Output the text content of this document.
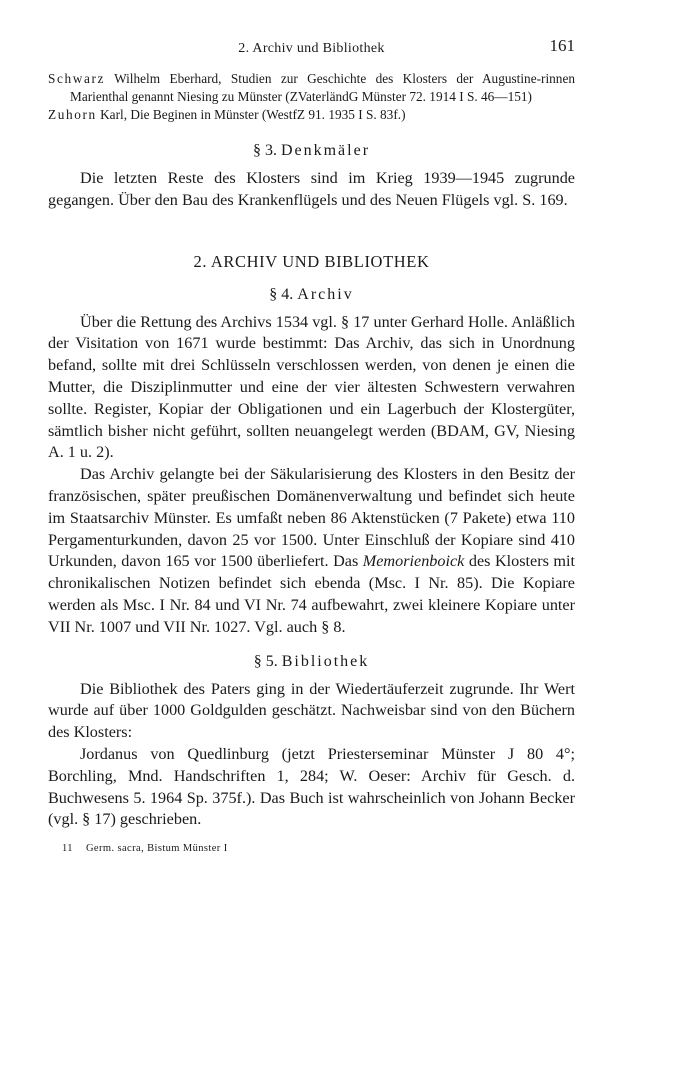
2. Archiv und Bibliothek	161
Schwarz Wilhelm Eberhard, Studien zur Geschichte des Klosters der Augustine-rinnen Marienthal genannt Niesing zu Münster (ZVaterländG Münster 72. 1914 I S. 46—151)
Zuhorn Karl, Die Beginen in Münster (WestfZ 91. 1935 I S. 83f.)
§ 3. Denkmäler

Die letzten Reste des Klosters sind im Krieg 1939—1945 zugrunde gegangen. Über den Bau des Krankenflügels und des Neuen Flügels vgl. S. 169.

2. ARCHIV UND BIBLIOTHEK
§ 4. Archiv

Über die Rettung des Archivs 1534 vgl. § 17 unter Gerhard Holle. Anläßlich der Visitation von 1671 wurde bestimmt: Das Archiv, das sich in Unordnung befand, sollte mit drei Schlüsseln verschlossen werden, von denen je einen die Mutter, die Disziplinmutter und eine der vier ältesten Schwestern verwahren sollte. Register, Kopiar der Obligationen und ein Lagerbuch der Klostergüter, sämtlich bisher nicht geführt, sollten neuangelegt werden (BDAM, GV, Niesing A. 1 u. 2).

Das Archiv gelangte bei der Säkularisierung des Klosters in den Besitz der französischen, später preußischen Domänenverwaltung und befindet sich heute im Staatsarchiv Münster. Es umfaßt neben 86 Aktenstücken (7 Pakete) etwa 110 Pergamenturkunden, davon 25 vor 1500. Unter Einschluß der Kopiare sind 410 Urkunden, davon 165 vor 1500 überliefert. Das Memorienboick des Klosters mit chronikalischen Notizen befindet sich ebenda (Msc. I Nr. 85). Die Kopiare werden als Msc. I Nr. 84 und VI Nr. 74 aufbewahrt, zwei kleinere Kopiare unter VII Nr. 1007 und VII Nr. 1027. Vgl. auch § 8.

§ 5. Bibliothek

Die Bibliothek des Paters ging in der Wiedertäuferzeit zugrunde. Ihr Wert wurde auf über 1000 Goldgulden geschätzt. Nachweisbar sind von den Büchern des Klosters:

Jordanus von Quedlinburg (jetzt Priesterseminar Münster J 80 4°; Borchling, Mnd. Handschriften 1, 284; W. Oeser: Archiv für Gesch. d. Buchwesens 5. 1964 Sp. 375f.). Das Buch ist wahrscheinlich von Johann Becker (vgl. § 17) geschrieben.

11 Germ. sacra, Bistum Münster I
